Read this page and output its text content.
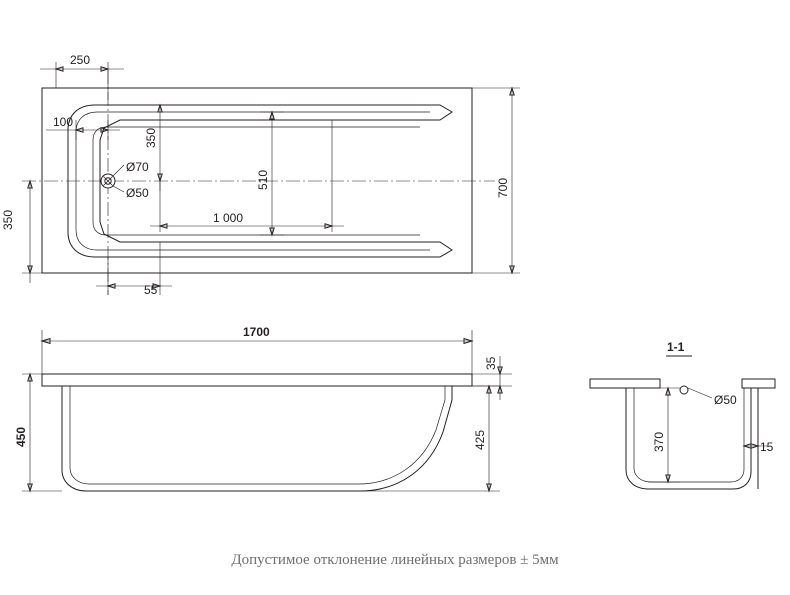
Ø70
Ø50
250
100
350
350
510	700
1 000
55
1700
35
450	425
1-1
Ø50
370	15
Допустимое отклонение линейных размеров ± 5мм
